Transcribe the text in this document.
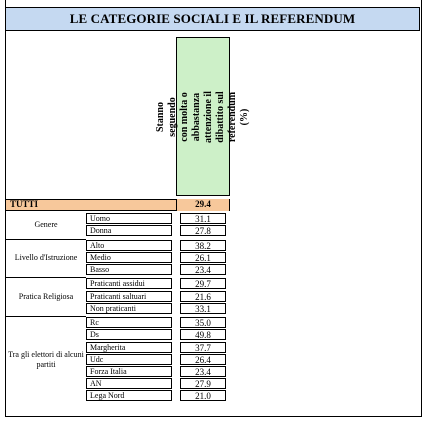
LE CATEGORIE SOCIALI E IL REFERENDUM
Stanno seguendo con molta o abbastanza attenzione il dibattito sul referendum (%)
TUTTI	29.4
Uomo	31.1
Donna	27.8
Genere
Alto	38.2
Medio	26.1
Basso	23.4
Livello d'Istruzione
Praticanti assidui	29.7
Praticanti saltuari	21.6
Non praticanti	33.1
Pratica Religiosa
Rc	35.0
Ds	49.8
Margherita	37.7
Udc	26.4
Forza Italia	23.4
AN	27.9
Lega Nord	21.0
Tra gli elettori di alcuni partiti
